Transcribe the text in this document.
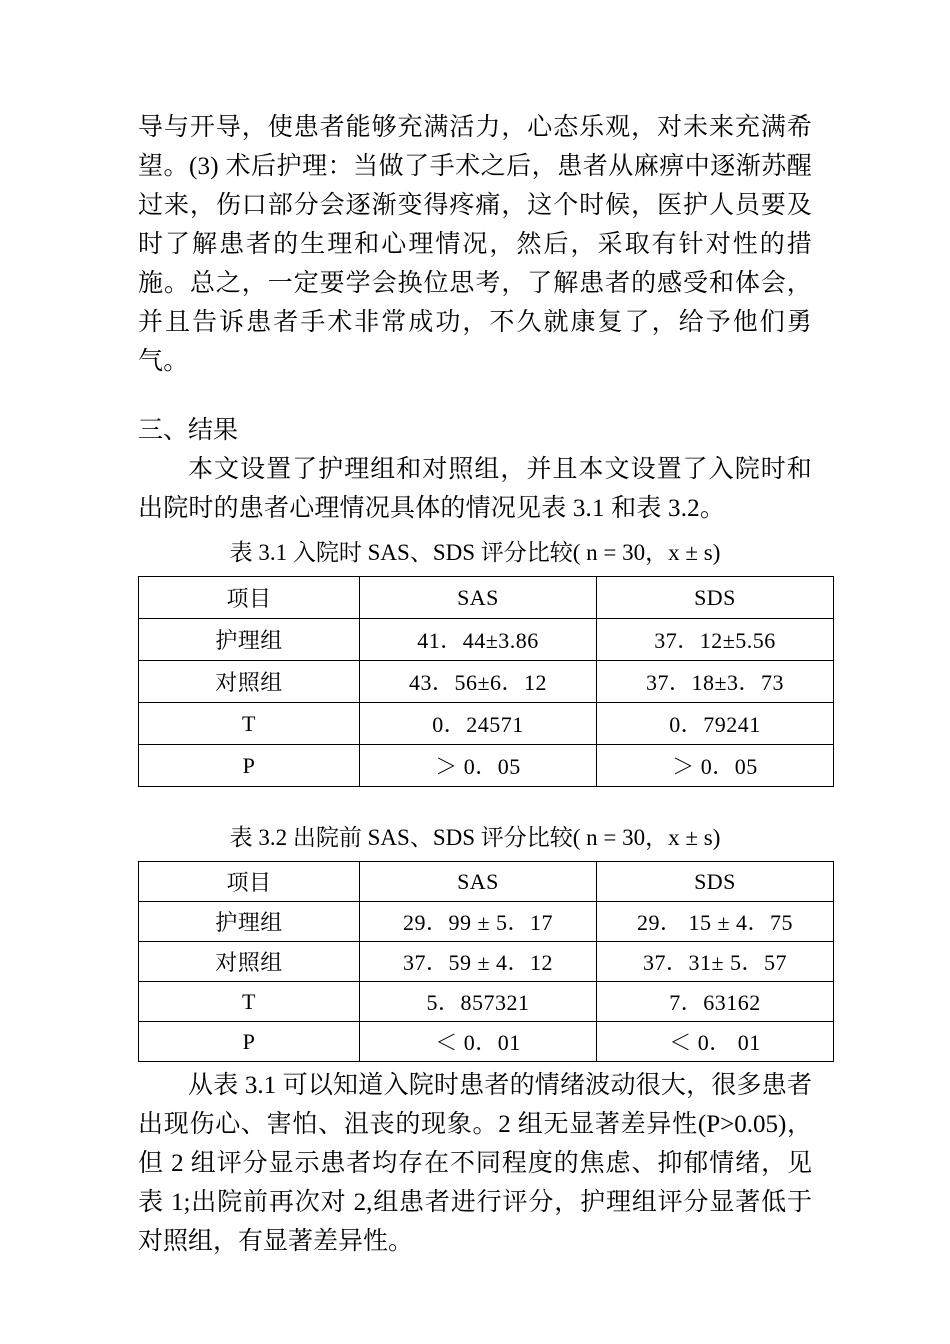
导与开导，使患者能够充满活力，心态乐观，对未来充满希望。(3) 术后护理：当做了手术之后，患者从麻痹中逐渐苏醒过来，伤口部分会逐渐变得疼痛，这个时候，医护人员要及时了解患者的生理和心理情况，然后，采取有针对性的措施。总之，一定要学会换位思考，了解患者的感受和体会，并且告诉患者手术非常成功，不久就康复了，给予他们勇气。
三、结果
本文设置了护理组和对照组，并且本文设置了入院时和出院时的患者心理情况具体的情况见表 3.1 和表 3.2。
表 3.1 入院时 SAS、SDS 评分比较( n = 30，x ± s)
项目	SAS	SDS
护理组	41．44±3.86	37．12±5.56
对照组	43．56±6．12	37．18±3．73
T	0．24571	0．79241
P	＞ 0．05	＞ 0．05
表 3.2 出院前 SAS、SDS 评分比较( n = 30，x ± s)
项目	SAS	SDS
护理组	29．99 ± 5．17	29． 15 ± 4．75
对照组	37．59 ± 4．12	37．31± 5．57
T	5．857321	7．63162
P	＜ 0．01	＜ 0． 01
从表 3.1 可以知道入院时患者的情绪波动很大，很多患者出现伤心、害怕、沮丧的现象。2 组无显著差异性(P>0.05)，但 2 组评分显示患者均存在不同程度的焦虑、抑郁情绪，见表 1;出院前再次对 2,组患者进行评分，护理组评分显著低于对照组，有显著差异性。
